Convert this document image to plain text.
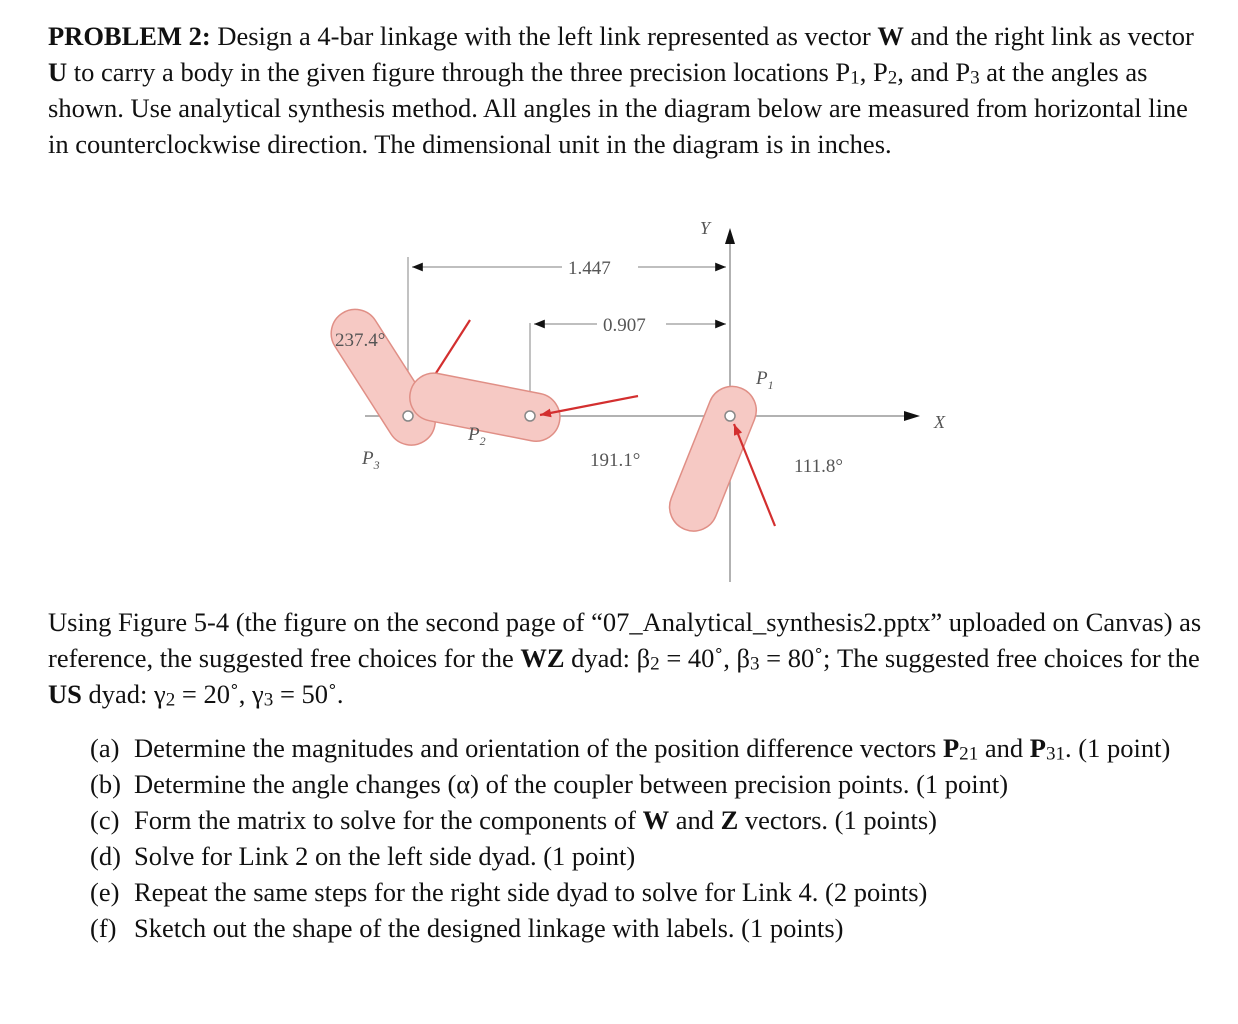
PROBLEM 2: Design a 4-bar linkage with the left link represented as vector W and the right link as vector U to carry a body in the given figure through the three precision locations $P_1$, $P_2$, and $P_3$ at the angles as shown. Use analytical synthesis method. All angles in the diagram below are measured from horizontal line in counterclockwise direction. The dimensional unit in the diagram is in inches.

X
Y
1.447
0.907
$P_1$
$P_2$
$P_3$
237.4°
191.1°	111.8°

Using Figure 5-4 (the figure on the second page of “07_Analytical_synthesis2.pptx” uploaded on Canvas) as reference, the suggested free choices for the WZ dyad: $\beta_2$ = 40˚, $\beta_3$ = 80˚; The suggested free choices for the US dyad: $\gamma_2$ = 20˚, $\gamma_3$ = 50˚.

(a) Determine the magnitudes and orientation of the position difference vectors $P_{21}$ and $P_{31}$. (1 point)
(b) Determine the angle changes (α) of the coupler between precision points. (1 point)
(c) Form the matrix to solve for the components of W and Z vectors. (1 points)
(d) Solve for Link 2 on the left side dyad. (1 point)
(e) Repeat the same steps for the right side dyad to solve for Link 4. (2 points)
(f) Sketch out the shape of the designed linkage with labels. (1 points)
